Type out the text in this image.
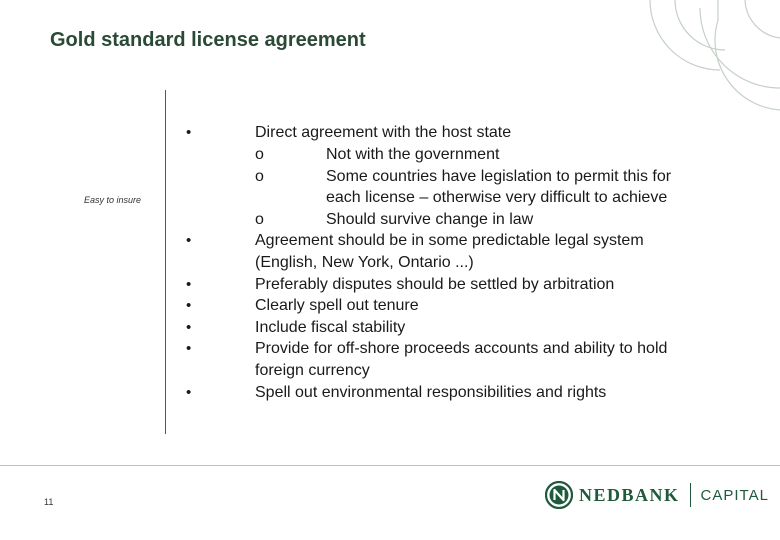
Gold standard license agreement
Easy to insure
•
•
•
•
•
•
•
o
o
o
Direct agreement with the host state
Not with the government
Some countries have legislation to permit this for
each license – otherwise very difficult to achieve
Should survive change in law
Agreement should be in some predictable legal system
(English, New York, Ontario ...)
Preferably disputes should be settled by arbitration
Clearly spell out tenure
Include fiscal stability
Provide for off-shore proceeds accounts and ability to hold
foreign currency
Spell out environmental responsibilities and rights
11	NEDBANK CAPITAL
